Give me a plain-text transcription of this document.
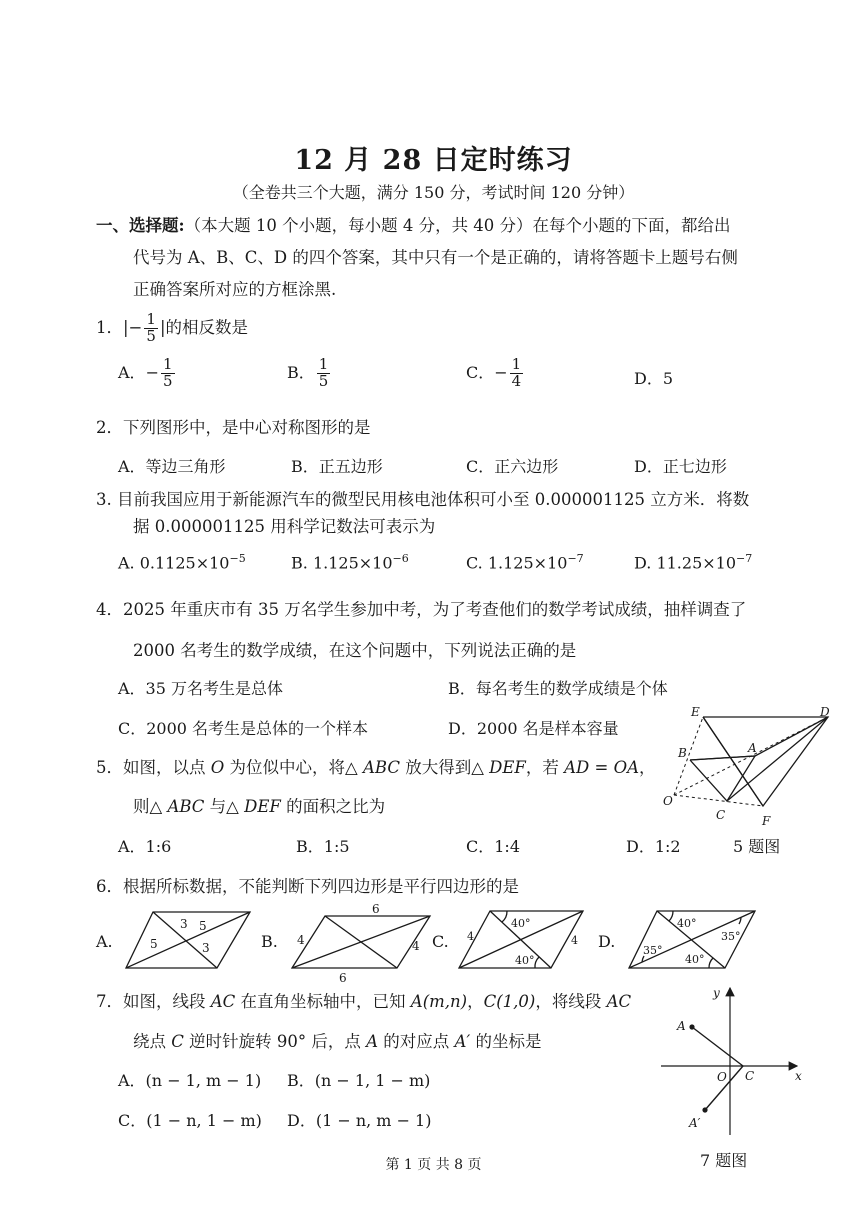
12 月 28 日定时练习
（全卷共三个大题，满分 150 分，考试时间 120 分钟）
一、选择题:（本大题 10 个小题，每小题 4 分，共 40 分）在每个小题的下面，都给出
代号为 A、B、C、D 的四个答案，其中只有一个是正确的，请将答题卡上题号右侧
正确答案所对应的方框涂黑.
1．|− $\frac{1}{5}$ |的相反数是
A．− $\frac{1}{5}$	B． $\frac{1}{5}$	C．− $\frac{1}{4}$	D．5
2．下列图形中，是中心对称图形的是
A．等边三角形	B．正五边形	C．正六边形	D．正七边形
3. 目前我国应用于新能源汽车的微型民用核电池体积可小至 0.000001125 立方米．将数
据 0.000001125 用科学记数法可表示为
A. $0.1125\times 10^{-5}$	B. $1.125\times 10^{-6}$	C. $1.125\times 10^{-7}$	D. $11.25\times 10^{-7}$
4．2025 年重庆市有 35 万名学生参加中考，为了考查他们的数学考试成绩，抽样调查了
2000 名考生的数学成绩，在这个问题中，下列说法正确的是
A．35 万名考生是总体	B．每名考生的数学成绩是个体
C．2000 名考生是总体的一个样本	D．2000 名是样本容量
5．如图，以点 O 为位似中心，将△ ABC 放大得到△ DEF，若 AD = OA，
则△ ABC 与△ DEF 的面积之比为
A．1:6	B．1:5	C．1:4	D．1:2
E	D
B	A
O
C	F
5 题图
6．根据所标数据，不能判断下列四边形是平行四边形的是
A.	B.	C.	D.
3 5
5	3
6
6
4	4
4	4
40°
40°
40°
35°
35°
40°
7．如图，线段 AC 在直角坐标轴中，已知 A(m,n)，C(1,0)，将线段 AC
绕点 C 逆时针旋转 90° 后，点 A 的对应点 A′ 的坐标是
A．(n − 1, m − 1) B．(n − 1, 1 − m)
C．(1 − n, 1 − m) D．(1 − n, m − 1)
y
x
A
O C
A′
7 题图
第 1 页 共 8 页
